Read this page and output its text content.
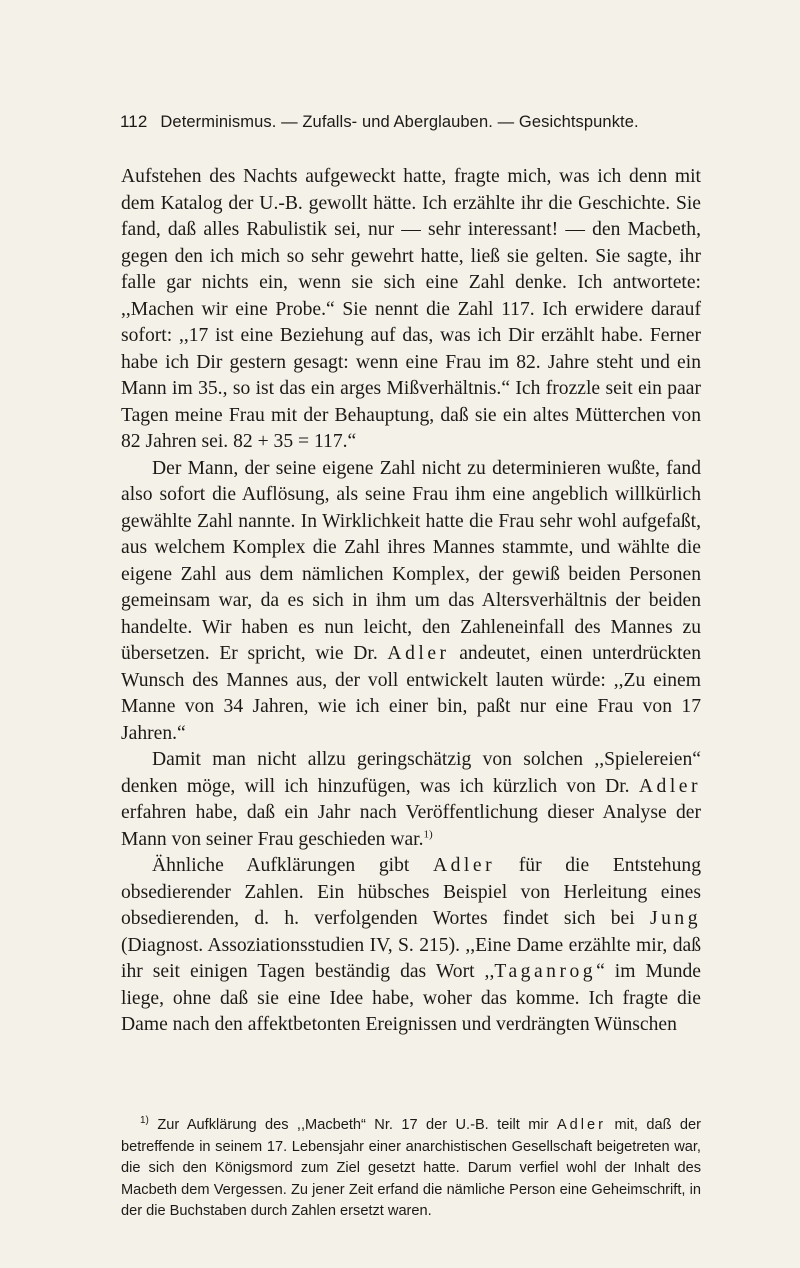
112 Determinismus. — Zufalls- und Aberglauben. — Gesichtspunkte.

Aufstehen des Nachts aufgeweckt hatte, fragte mich, was ich denn mit dem Katalog der U.-B. gewollt hätte. Ich erzählte ihr die Geschichte. Sie fand, daß alles Rabulistik sei, nur — sehr interessant! — den Macbeth, gegen den ich mich so sehr gewehrt hatte, ließ sie gelten. Sie sagte, ihr falle gar nichts ein, wenn sie sich eine Zahl denke. Ich antwortete: ,,Machen wir eine Probe.“ Sie nennt die Zahl 117. Ich erwidere darauf sofort: ,,17 ist eine Beziehung auf das, was ich Dir erzählt habe. Ferner habe ich Dir gestern gesagt: wenn eine Frau im 82. Jahre steht und ein Mann im 35., so ist das ein arges Mißverhältnis.“ Ich frozzle seit ein paar Tagen meine Frau mit der Behauptung, daß sie ein altes Mütterchen von 82 Jahren sei. 82 + 35 = 117.“

Der Mann, der seine eigene Zahl nicht zu determinieren wußte, fand also sofort die Auflösung, als seine Frau ihm eine angeblich willkürlich gewählte Zahl nannte. In Wirklichkeit hatte die Frau sehr wohl aufgefaßt, aus welchem Komplex die Zahl ihres Mannes stammte, und wählte die eigene Zahl aus dem nämlichen Komplex, der gewiß beiden Personen gemeinsam war, da es sich in ihm um das Altersverhältnis der beiden handelte. Wir haben es nun leicht, den Zahleneinfall des Mannes zu übersetzen. Er spricht, wie Dr. Adler andeutet, einen unterdrückten Wunsch des Mannes aus, der voll entwickelt lauten würde: ,,Zu einem Manne von 34 Jahren, wie ich einer bin, paßt nur eine Frau von 17 Jahren.“

Damit man nicht allzu geringschätzig von solchen ,,Spielereien“ denken möge, will ich hinzufügen, was ich kürzlich von Dr. Adler erfahren habe, daß ein Jahr nach Veröffentlichung dieser Analyse der Mann von seiner Frau geschieden war.$^{1)}$

Ähnliche Aufklärungen gibt Adler für die Entstehung obsedierender Zahlen. Ein hübsches Beispiel von Herleitung eines obsedierenden, d. h. verfolgenden Wortes findet sich bei Jung (Diagnost. Assoziationsstudien IV, S. 215). ,,Eine Dame erzählte mir, daß ihr seit einigen Tagen beständig das Wort ,,Taganrog“ im Munde liege, ohne daß sie eine Idee habe, woher das komme. Ich fragte die Dame nach den affektbetonten Ereignissen und verdrängten Wünschen

$^{1)}$ Zur Aufklärung des ,,Macbeth“ Nr. 17 der U.-B. teilt mir Adler mit, daß der betreffende in seinem 17. Lebensjahr einer anarchistischen Gesellschaft beigetreten war, die sich den Königsmord zum Ziel gesetzt hatte. Darum verfiel wohl der Inhalt des Macbeth dem Vergessen. Zu jener Zeit erfand die nämliche Person eine Geheimschrift, in der die Buchstaben durch Zahlen ersetzt waren.
